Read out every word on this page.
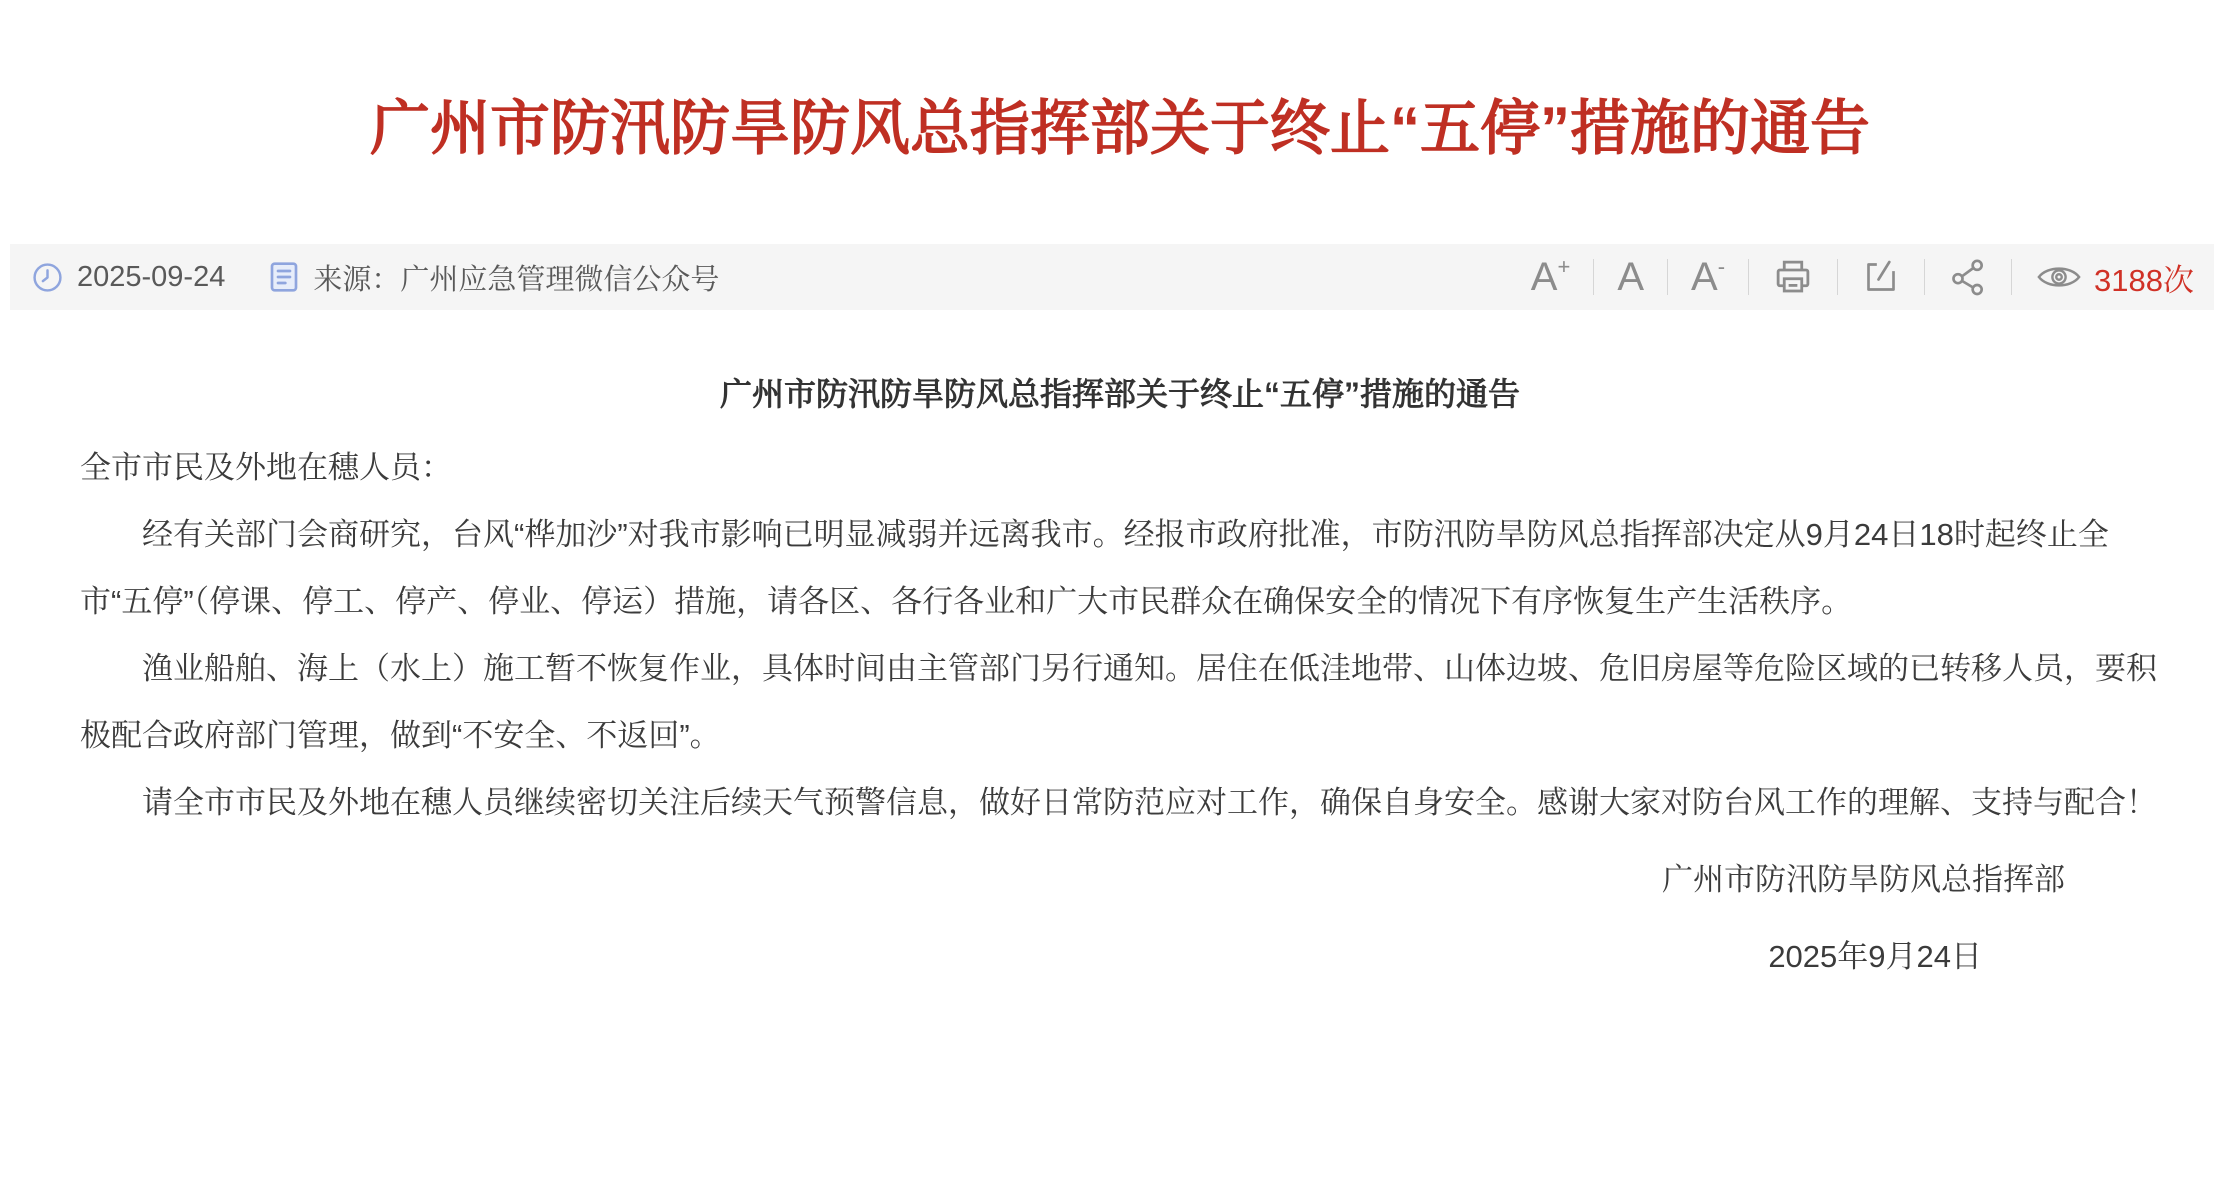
广州市防汛防旱防风总指挥部关于终止“五停”措施的通告
2025-09-24	来源：广州应急管理微信公众号	A+ A A-	3188次
广州市防汛防旱防风总指挥部关于终止“五停”措施的通告

全市市民及外地在穗人员：

经有关部门会商研究，台风“桦加沙”对我市影响已明显减弱并远离我市。经报市政府批准，市防汛防旱防风总指挥部决定从9月24日18时起终止全市“五停”（停课、停工、停产、停业、停运）措施，请各区、各行各业和广大市民群众在确保安全的情况下有序恢复生产生活秩序。

渔业船舶、海上（水上）施工暂不恢复作业，具体时间由主管部门另行通知。居住在低洼地带、山体边坡、危旧房屋等危险区域的已转移人员，要积极配合政府部门管理，做到“不安全、不返回”。

请全市市民及外地在穗人员继续密切关注后续天气预警信息，做好日常防范应对工作，确保自身安全。感谢大家对防台风工作的理解、支持与配合！

广州市防汛防旱防风总指挥部

2025年9月24日
